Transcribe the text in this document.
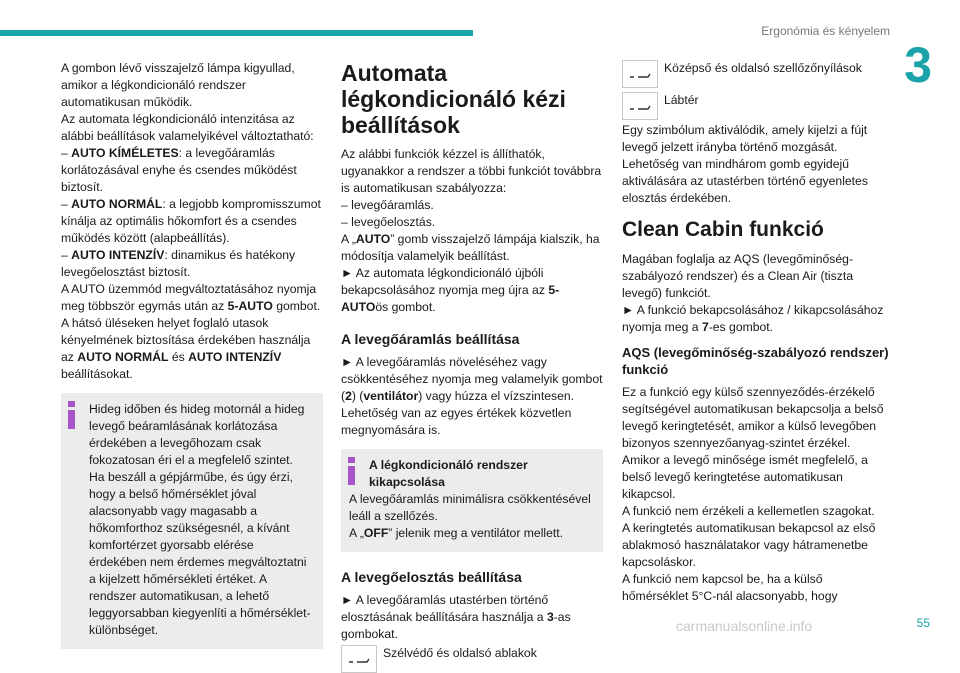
Ergonómia és kényelem
3

A gombon lévő visszajelző lámpa kigyullad, amikor a légkondicionáló rendszer automatikusan működik.

Az automata légkondicionáló intenzitása az alábbi beállítások valamelyikével változtatható:

– AUTO KÍMÉLETES: a levegőáramlás korlátozásával enyhe és csendes működést biztosít.

– AUTO NORMÁL: a legjobb kompromisszumot kínálja az optimális hőkomfort és a csendes működés között (alapbeállítás).

– AUTO INTENZÍV: dinamikus és hatékony levegőelosztást biztosít.

A AUTO üzemmód megváltoztatásához nyomja meg többször egymás után az 5-AUTO gombot.

A hátsó üléseken helyet foglaló utasok kényelmének biztosítása érdekében használja az AUTO NORMÁL és AUTO INTENZÍV beállításokat.

Hideg időben és hideg motornál a hideg levegő beáramlásának korlátozása érdekében a levegőhozam csak fokozatosan éri el a megfelelő szintet.
Ha beszáll a gépjárműbe, és úgy érzi, hogy a belső hőmérséklet jóval alacsonyabb vagy magasabb a hőkomforthoz szükségesnél, a kívánt komfortérzet gyorsabb elérése érdekében nem érdemes megváltoztatni a kijelzett hőmérsékleti értéket. A rendszer automatikusan, a lehető leggyorsabban kiegyenlíti a hőmérséklet-különbséget.

Automata légkondicionáló kézi beállítások

Az alábbi funkciók kézzel is állíthatók, ugyanakkor a rendszer a többi funkciót továbbra is automatikusan szabályozza:

– levegőáramlás.

– levegőelosztás.

A „AUTO” gomb visszajelző lámpája kialszik, ha módosítja valamelyik beállítást.

► Az automata légkondicionáló újbóli bekapcsolásához nyomja meg újra az 5-AUTOös gombot.

A levegőáramlás beállítása

► A levegőáramlás növeléséhez vagy csökkentéséhez nyomja meg valamelyik gombot (2) (ventilátor) vagy húzza el vízszintesen. Lehetőség van az egyes értékek közvetlen megnyomására is.

A légkondicionáló rendszer kikapcsolása

A levegőáramlás minimálisra csökkentésével leáll a szellőzés.

A „OFF” jelenik meg a ventilátor mellett.

A levegőelosztás beállítása

► A levegőáramlás utastérben történő elosztásának beállítására használja a 3-as gombokat.

Szélvédő és oldalsó ablakok
Középső és oldalsó szellőzőnyílások
Lábtér

Egy szimbólum aktiválódik, amely kijelzi a fújt levegő jelzett irányba történő mozgását.

Lehetőség van mindhárom gomb egyidejű aktiválására az utastérben történő egyenletes elosztás érdekében.

Clean Cabin funkció

Magában foglalja az AQS (levegőminőség-szabályozó rendszer) és a Clean Air (tiszta levegő) funkciót.

► A funkció bekapcsolásához / kikapcsolásához nyomja meg a 7-es gombot.

AQS (levegőminőség-szabályozó rendszer) funkció

Ez a funkció egy külső szennyeződés-érzékelő segítségével automatikusan bekapcsolja a belső levegő keringtetését, amikor a külső levegőben bizonyos szennyezőanyag-szintet érzékel.

Amikor a levegő minősége ismét megfelelő, a belső levegő keringtetése automatikusan kikapcsol.

A funkció nem érzékeli a kellemetlen szagokat.

A keringtetés automatikusan bekapcsol az első ablakmosó használatakor vagy hátramenetbe kapcsoláskor.

A funkció nem kapcsol be, ha a külső hőmérséklet 5°C-nál alacsonyabb, hogy

carmanualsonline.info	55
